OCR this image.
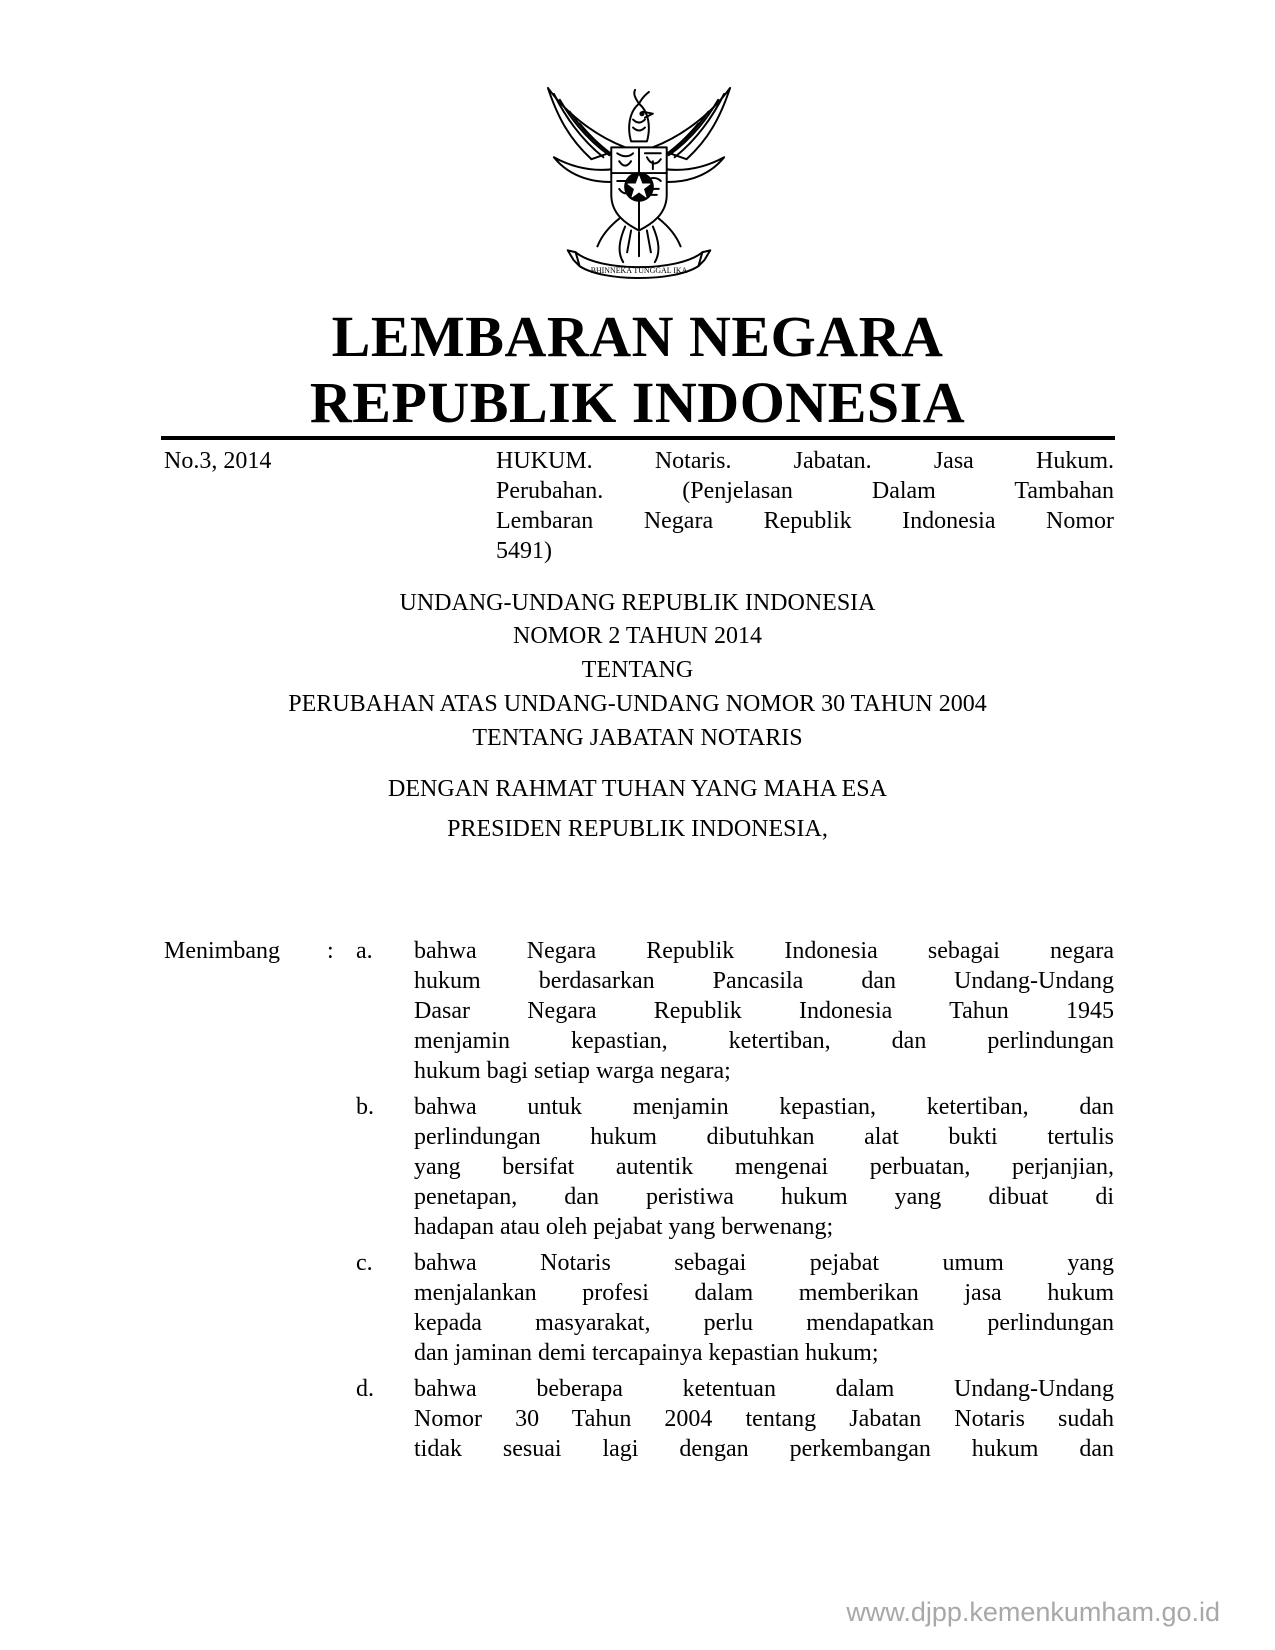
BHINNEKA TUNGGAL IKA
LEMBARAN NEGARA
REPUBLIK INDONESIA
No.3, 2014	HUKUM. Notaris. Jabatan. Jasa Hukum.
Perubahan. (Penjelasan Dalam Tambahan
Lembaran Negara Republik Indonesia Nomor
5491)
UNDANG-UNDANG REPUBLIK INDONESIA
NOMOR 2 TAHUN 2014
TENTANG
PERUBAHAN ATAS UNDANG-UNDANG NOMOR 30 TAHUN 2004
TENTANG JABATAN NOTARIS
DENGAN RAHMAT TUHAN YANG MAHA ESA
PRESIDEN REPUBLIK INDONESIA,
Menimbang : a. bahwa Negara Republik Indonesia sebagai negara
hukum berdasarkan Pancasila dan Undang-Undang
Dasar Negara Republik Indonesia Tahun 1945
menjamin kepastian, ketertiban, dan perlindungan
hukum bagi setiap warga negara;
b. bahwa untuk menjamin kepastian, ketertiban, dan
perlindungan hukum dibutuhkan alat bukti tertulis
yang bersifat autentik mengenai perbuatan, perjanjian,
penetapan, dan peristiwa hukum yang dibuat di
hadapan atau oleh pejabat yang berwenang;
c. bahwa Notaris sebagai pejabat umum yang
menjalankan profesi dalam memberikan jasa hukum
kepada masyarakat, perlu mendapatkan perlindungan
dan jaminan demi tercapainya kepastian hukum;
d. bahwa beberapa ketentuan dalam Undang-Undang
Nomor 30 Tahun 2004 tentang Jabatan Notaris sudah
tidak sesuai lagi dengan perkembangan hukum dan
www.djpp.kemenkumham.go.id
